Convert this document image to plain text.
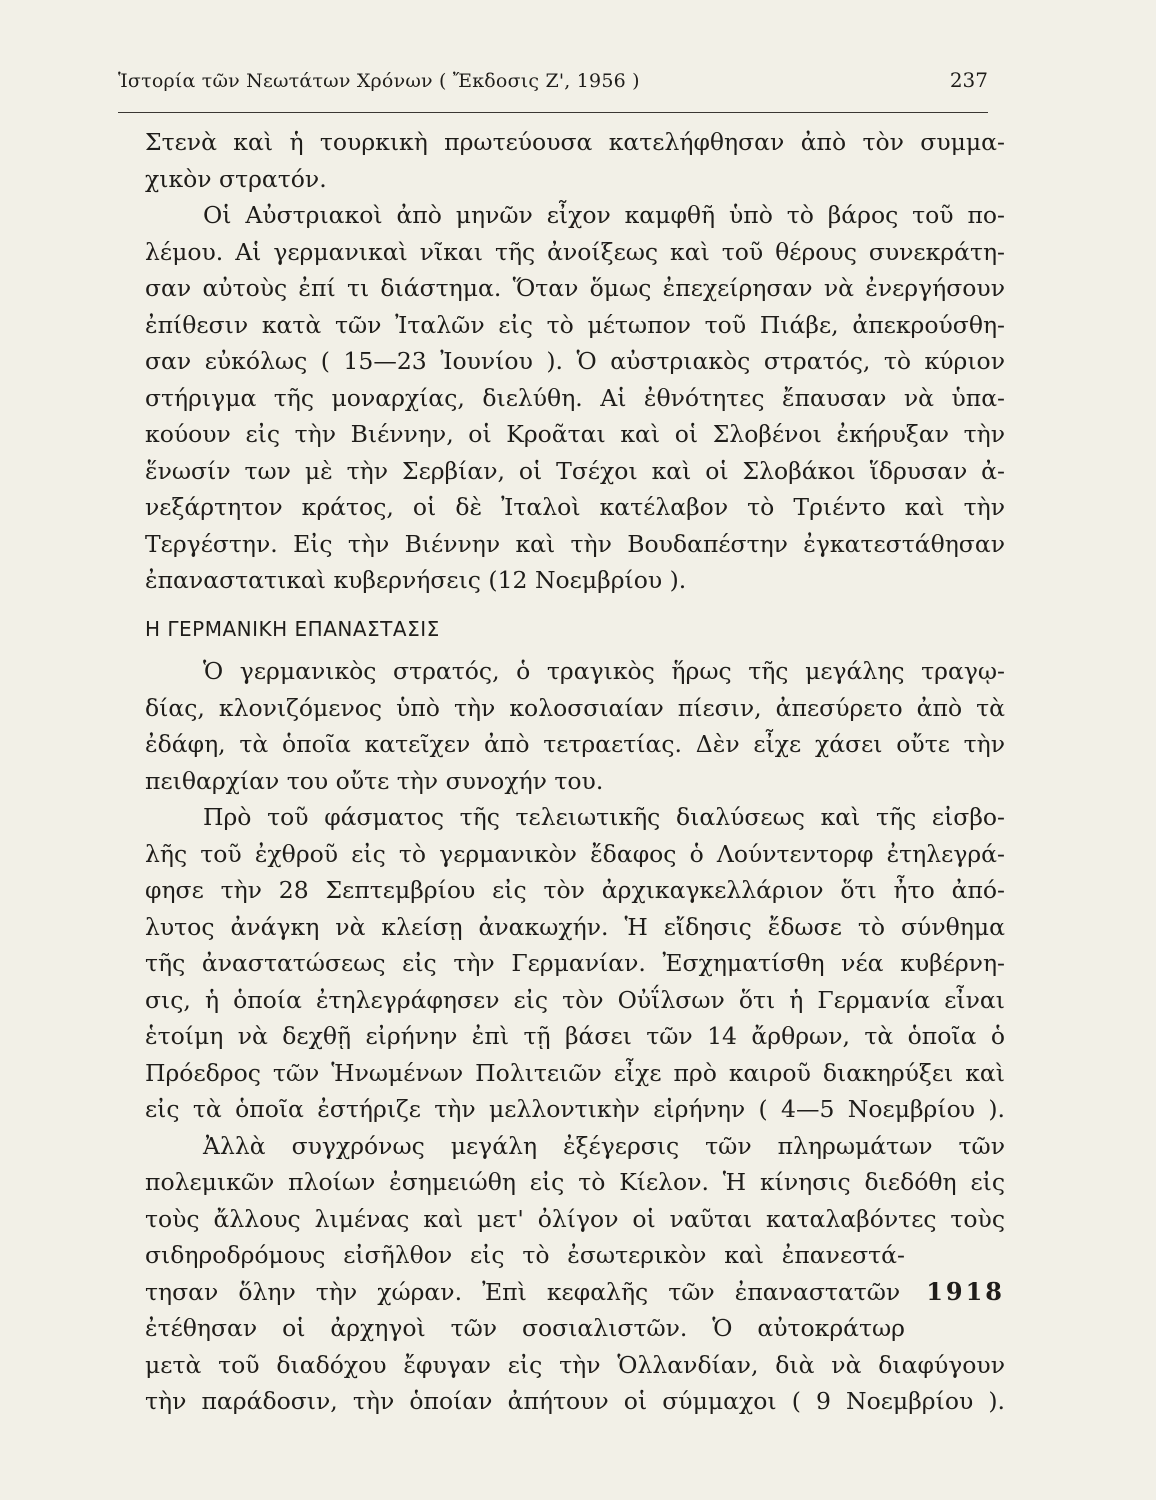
Ἱστορία τῶν Νεωτάτων Χρόνων ( Ἔκδοσις Ζ', 1956 )	237
Στενὰ καὶ ἡ τουρκικὴ πρωτεύουσα κατελήφθησαν ἀπὸ τὸν συμμα-
χικὸν στρατόν.
Οἱ Αὐστριακοὶ ἀπὸ μηνῶν εἶχον καμφθῆ ὑπὸ τὸ βάρος τοῦ πο-
λέμου. Αἱ γερμανικαὶ νῖκαι τῆς ἀνοίξεως καὶ τοῦ θέρους συνεκράτη-
σαν αὐτοὺς ἐπί τι διάστημα. Ὅταν ὅμως ἐπεχείρησαν νὰ ἐνεργήσουν
ἐπίθεσιν κατὰ τῶν Ἰταλῶν εἰς τὸ μέτωπον τοῦ Πιάβε, ἀπεκρούσθη-
σαν εὐκόλως ( 15—23 Ἰουνίου ). Ὁ αὐστριακὸς στρατός, τὸ κύριον
στήριγμα τῆς μοναρχίας, διελύθη. Αἱ ἐθνότητες ἔπαυσαν νὰ ὑπα-
κούουν εἰς τὴν Βιέννην, οἱ Κροᾶται καὶ οἱ Σλοβένοι ἐκήρυξαν τὴν
ἕνωσίν των μὲ τὴν Σερβίαν, οἱ Τσέχοι καὶ οἱ Σλοβάκοι ἵδρυσαν ἀ-
νεξάρτητον κράτος, οἱ δὲ Ἰταλοὶ κατέλαβον τὸ Τριέντο καὶ τὴν
Τεργέστην. Εἰς τὴν Βιέννην καὶ τὴν Βουδαπέστην ἐγκατεστάθησαν
ἐπαναστατικαὶ κυβερνήσεις (12 Νοεμβρίου ).
Η ΓΕΡΜΑΝΙΚΗ ΕΠΑΝΑΣΤΑΣΙΣ
Ὁ γερμανικὸς στρατός, ὁ τραγικὸς ἥρως τῆς μεγάλης τραγῳ-
δίας, κλονιζόμενος ὑπὸ τὴν κολοσσιαίαν πίεσιν, ἀπεσύρετο ἀπὸ τὰ
ἐδάφη, τὰ ὁποῖα κατεῖχεν ἀπὸ τετραετίας. Δὲν εἶχε χάσει οὔτε τὴν
πειθαρχίαν του οὔτε τὴν συνοχήν του.
Πρὸ τοῦ φάσματος τῆς τελειωτικῆς διαλύσεως καὶ τῆς εἰσβο-
λῆς τοῦ ἐχθροῦ εἰς τὸ γερμανικὸν ἔδαφος ὁ Λούντεντορφ ἐτηλεγρά-
φησε τὴν 28 Σεπτεμβρίου εἰς τὸν ἀρχικαγκελλάριον ὅτι ἦτο ἀπό-
λυτος ἀνάγκη νὰ κλείσῃ ἀνακωχήν. Ἡ εἴδησις ἔδωσε τὸ σύνθημα
τῆς ἀναστατώσεως εἰς τὴν Γερμανίαν. Ἐσχηματίσθη νέα κυβέρνη-
σις, ἡ ὁποία ἐτηλεγράφησεν εἰς τὸν Οὐΐλσων ὅτι ἡ Γερμανία εἶναι
ἑτοίμη νὰ δεχθῇ εἰρήνην ἐπὶ τῇ βάσει τῶν 14 ἄρθρων, τὰ ὁποῖα ὁ
Πρόεδρος τῶν Ἡνωμένων Πολιτειῶν εἶχε πρὸ καιροῦ διακηρύξει καὶ
εἰς τὰ ὁποῖα ἐστήριζε τὴν μελλοντικὴν εἰρήνην ( 4—5 Νοεμβρίου ).
Ἀλλὰ συγχρόνως μεγάλη ἐξέγερσις τῶν πληρωμάτων τῶν
πολεμικῶν πλοίων ἐσημειώθη εἰς τὸ Κίελον. Ἡ κίνησις διεδόθη εἰς
τοὺς ἄλλους λιμένας καὶ μετ' ὀλίγον οἱ ναῦται καταλαβόντες τοὺς
σιδηροδρόμους εἰσῆλθον εἰς τὸ ἐσωτερικὸν καὶ ἐπανεστά-
τησαν ὅλην τὴν χώραν. Ἐπὶ κεφαλῆς τῶν ἐπαναστατῶν 1918
ἐτέθησαν οἱ ἀρχηγοὶ τῶν σοσιαλιστῶν. Ὁ αὐτοκράτωρ
μετὰ τοῦ διαδόχου ἔφυγαν εἰς τὴν Ὁλλανδίαν, διὰ νὰ διαφύγουν
τὴν παράδοσιν, τὴν ὁποίαν ἀπήτουν οἱ σύμμαχοι ( 9 Νοεμβρίου ).
